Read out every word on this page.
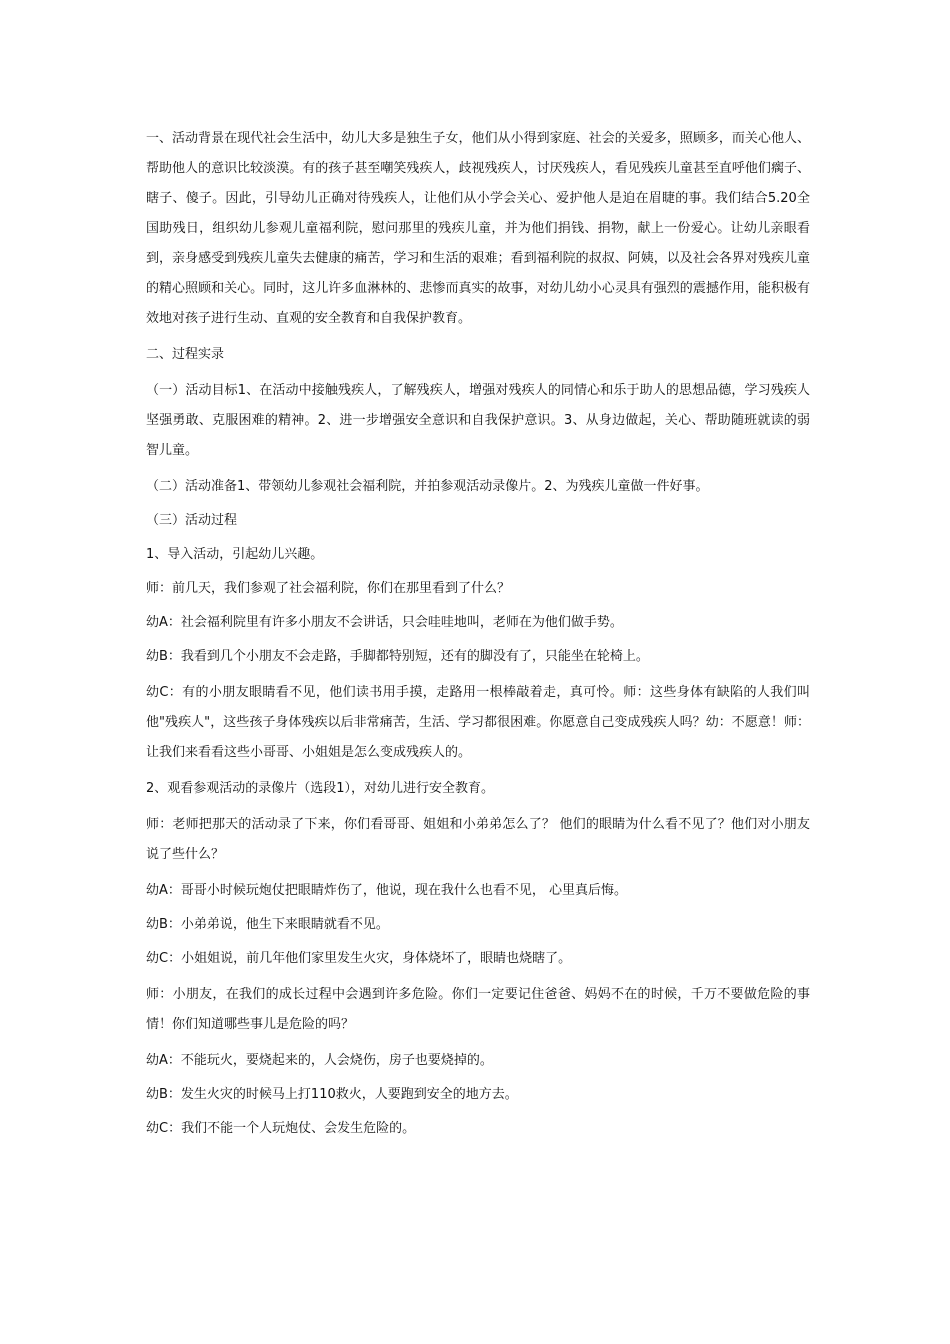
一、活动背景在现代社会生活中，幼儿大多是独生子女，他们从小得到家庭、社会的关爱多，照顾多，而关心他人、帮助他人的意识比较淡漠。有的孩子甚至嘲笑残疾人，歧视残疾人，讨厌残疾人，看见残疾儿童甚至直呼他们瘸子、瞎子、傻子。因此，引导幼儿正确对待残疾人，让他们从小学会关心、爱护他人是迫在眉睫的事。我们结合5.20全国助残日，组织幼儿参观儿童福利院，慰问那里的残疾儿童，并为他们捐钱、捐物，献上一份爱心。让幼儿亲眼看到，亲身感受到残疾儿童失去健康的痛苦，学习和生活的艰难；看到福利院的叔叔、阿姨，以及社会各界对残疾儿童的精心照顾和关心。同时，这儿许多血淋林的、悲惨而真实的故事，对幼儿幼小心灵具有强烈的震撼作用，能积极有效地对孩子进行生动、直观的安全教育和自我保护教育。

二、过程实录

（一）活动目标1、在活动中接触残疾人，了解残疾人，增强对残疾人的同情心和乐于助人的思想品德，学习残疾人坚强勇敢、克服困难的精神。2、进一步增强安全意识和自我保护意识。3、从身边做起，关心、帮助随班就读的弱智儿童。

（二）活动准备1、带领幼儿参观社会福利院，并拍参观活动录像片。2、为残疾儿童做一件好事。

（三）活动过程

1、导入活动，引起幼儿兴趣。

师：前几天，我们参观了社会福利院，你们在那里看到了什么？

幼A：社会福利院里有许多小朋友不会讲话，只会哇哇地叫，老师在为他们做手势。

幼B：我看到几个小朋友不会走路，手脚都特别短，还有的脚没有了，只能坐在轮椅上。

幼C：有的小朋友眼睛看不见，他们读书用手摸，走路用一根棒敲着走，真可怜。师：这些身体有缺陷的人我们叫他"残疾人"，这些孩子身体残疾以后非常痛苦，生活、学习都很困难。你愿意自己变成残疾人吗？幼：不愿意！师：让我们来看看这些小哥哥、小姐姐是怎么变成残疾人的。

2、观看参观活动的录像片（选段1），对幼儿进行安全教育。

师：老师把那天的活动录了下来，你们看哥哥、姐姐和小弟弟怎么了？ 他们的眼睛为什么看不见了？他们对小朋友说了些什么？

幼A：哥哥小时候玩炮仗把眼睛炸伤了，他说，现在我什么也看不见， 心里真后悔。

幼B：小弟弟说，他生下来眼睛就看不见。

幼C：小姐姐说，前几年他们家里发生火灾，身体烧坏了，眼睛也烧瞎了。

师：小朋友，在我们的成长过程中会遇到许多危险。你们一定要记住爸爸、妈妈不在的时候，千万不要做危险的事情！你们知道哪些事儿是危险的吗？

幼A：不能玩火，要烧起来的，人会烧伤，房子也要烧掉的。

幼B：发生火灾的时候马上打110救火，人要跑到安全的地方去。

幼C：我们不能一个人玩炮仗、会发生危险的。
